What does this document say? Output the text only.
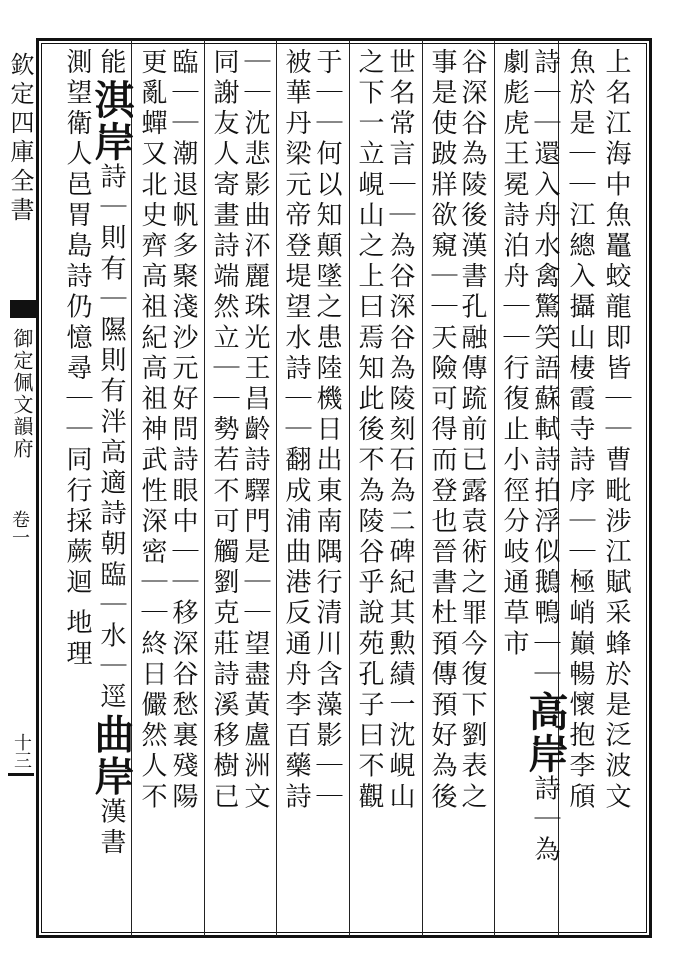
欽定四庫全書
御定佩文韻府
卷一
十三	上名江海中魚鼉蛟龍即皆｜｜曹毗涉江賦采蜂於是泛波文
魚於是｜｜江總入攝山棲霞寺詩序｜｜極峭巔暢懷抱李頎
詩｜｜還入舟水禽驚笑語蘇軾詩拍浮似鵝鴨｜｜高岸詩｜為
劇彪虎王冕詩泊舟｜｜行復止小徑分岐通草市
谷深谷為陵後漢書孔融傳䟽前已露袁術之罪今復下劉表之
事是使跛牂欲窺｜｜天險可得而登也晉書杜預傳預好為後
世名常言｜｜為谷深谷為陵刻石為二碑紀其勲績一沈峴山
之下一立峴山之上曰焉知此後不為陵谷乎說苑孔子曰不觀
于｜｜何以知顛墜之患陸機日出東南隅行清川含藻影｜｜
被華丹梁元帝登堤望水詩｜｜翻成浦曲港反通舟李百藥詩
｜｜沈悲影曲㳅麗珠光王昌齡詩驛門是｜｜望盡黃盧洲文
同謝友人寄畫詩端然立｜｜勢若不可觸劉克莊詩溪移樹已
臨｜｜潮退帆多聚淺沙元好問詩眼中｜｜移深谷愁裏殘陽
更亂蟬又北史齊高祖紀高祖神武性深密｜｜終日儼然人不
能淇岸詩｜則有｜隰則有泮高適詩朝臨｜水｜逕曲岸漢書
測望衛人邑胃島詩仍憶尋｜｜同行採蕨迴地理
